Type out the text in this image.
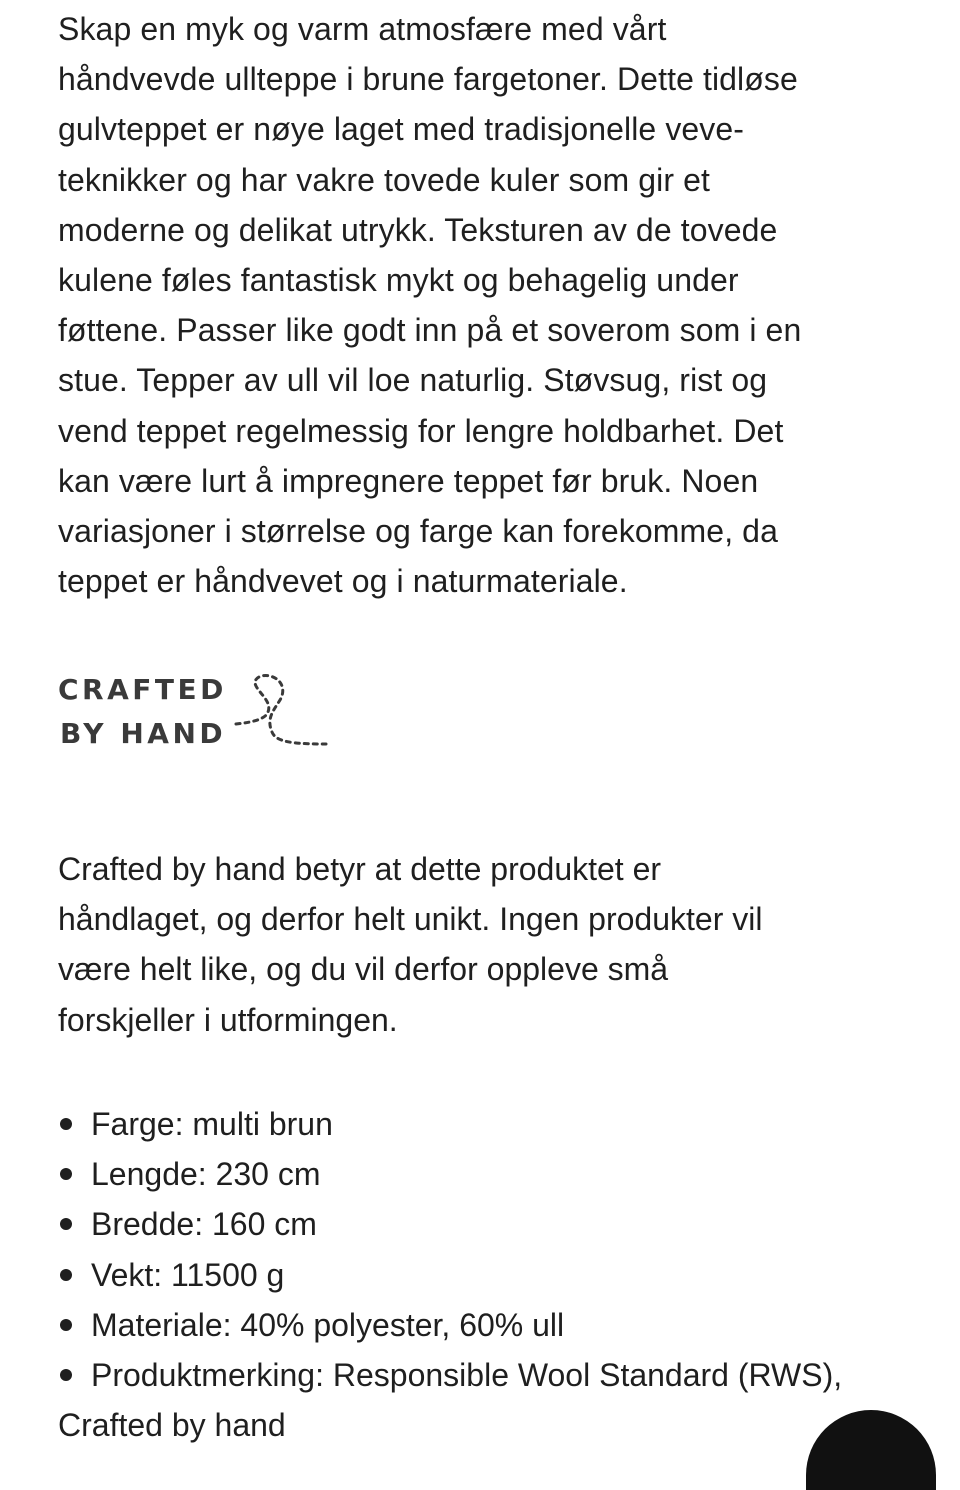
Skap en myk og varm atmosfære med vårt
håndvevde ullteppe i brune fargetoner. Dette tidløse
gulvteppet er nøye laget med tradisjonelle veve-
teknikker og har vakre tovede kuler som gir et
moderne og delikat utrykk. Teksturen av de tovede
kulene føles fantastisk mykt og behagelig under
føttene. Passer like godt inn på et soverom som i en
stue. Tepper av ull vil loe naturlig. Støvsug, rist og
vend teppet regelmessig for lengre holdbarhet. Det
kan være lurt å impregnere teppet før bruk. Noen
variasjoner i størrelse og farge kan forekomme, da
teppet er håndvevet og i naturmateriale.

CRAFTED
BY HAND

Crafted by hand betyr at dette produktet er
håndlaget, og derfor helt unikt. Ingen produkter vil
være helt like, og du vil derfor oppleve små
forskjeller i utformingen.

Farge: multi brun
Lengde: 230 cm
Bredde: 160 cm
Vekt: 11500 g
Materiale: 40% polyester, 60% ull
Produktmerking: Responsible Wool Standard (RWS), Crafted by hand
